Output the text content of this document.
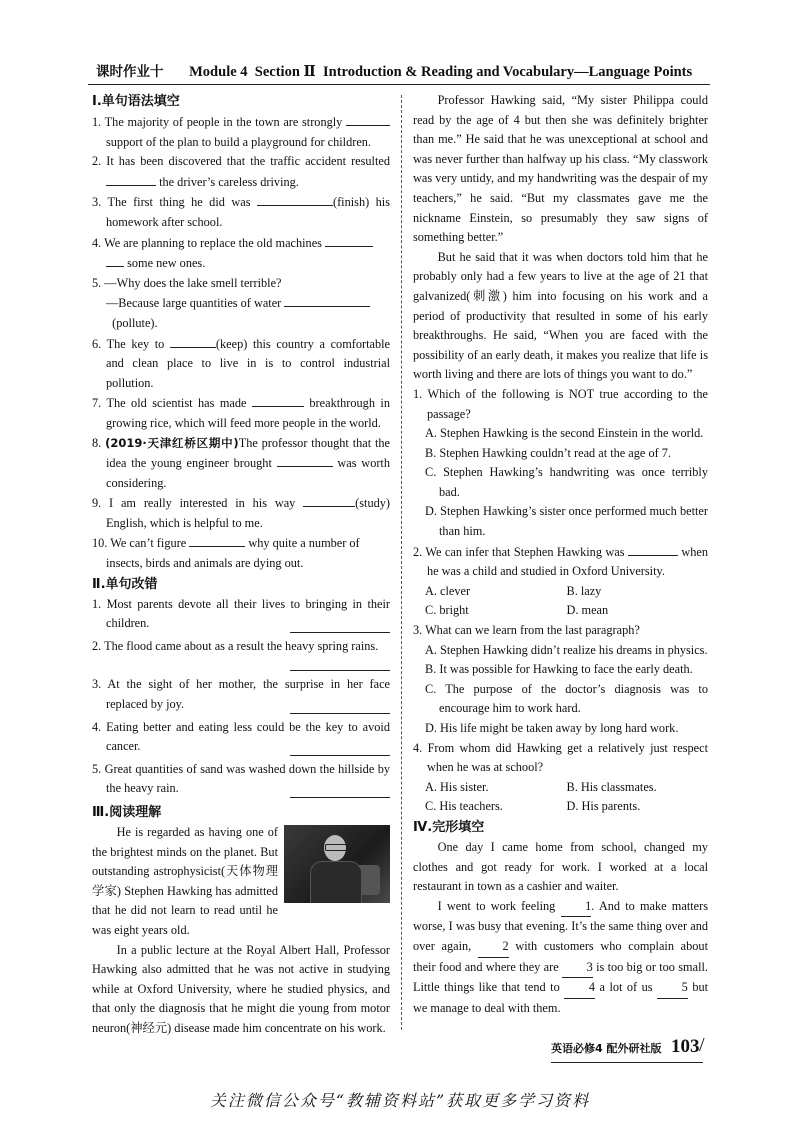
课时作业十 Module 4  Section Ⅱ  Introduction & Reading and Vocabulary—Language Points

Ⅰ.单句语法填空

1. The majority of people in the town are strongly  support of the plan to build a playground for children.

2. It has been discovered that the traffic accident resulted  the driver’s careless driving.

3. The first thing he did was	(finish) his homework after school.

4. We are planning to replace the old machines
some new ones.

5. —Why does the lake smell terrible?

—Because large quantities of water
(pollute).

6. The key to	(keep) this country a comfortable and clean place to live in is to control industrial pollution.

7. The old scientist has made	breakthrough in growing rice, which will feed more people in the world.

8. (2019·天津红桥区期中)The professor thought that the idea the young engineer brought	was worth considering.

9. I am really interested in his way	(study) English, which is helpful to me.

10. We can’t figure	why quite a number of insects, birds and animals are dying out.

Ⅱ.单句改错

1. Most parents devote all their lives to bringing in their children.

2. The flood came about as a result the heavy spring rains.

3. At the sight of her mother, the surprise in her face replaced by joy.

4. Eating better and eating less could be the key to avoid cancer.

5. Great quantities of sand was washed down the hillside by the heavy rain.

Ⅲ.阅读理解

He is regarded as having one of the brightest minds on the planet. But outstanding astrophysicist(天体物理学家) Stephen Hawking has admitted that he did not learn to read until he was eight years old.

In a public lecture at the Royal Albert Hall, Professor Hawking also admitted that he was not active in studying while at Oxford University, where he studied physics, and that only the diagnosis that he might die young from motor neuron(神经元) disease made him concentrate on his work.

Professor Hawking said, “My sister Philippa could read by the age of 4 but then she was definitely brighter than me.” He said that he was unexceptional at school and was never further than halfway up his class. “My classwork was very untidy, and my handwriting was the despair of my teachers,” he said. “But my classmates gave me the nickname Einstein, so presumably they saw signs of something better.”

But he said that it was when doctors told him that he probably only had a few years to live at the age of 21 that galvanized(刺激) him into focusing on his work and a period of productivity that resulted in some of his early breakthroughs. He said, “When you are faced with the possibility of an early death, it makes you realize that life is worth living and there are lots of things you want to do.”

1. Which of the following is NOT true according to the passage?

A. Stephen Hawking is the second Einstein in the world.

B. Stephen Hawking couldn’t read at the age of 7.

C. Stephen Hawking’s handwriting was once terribly bad.

D. Stephen Hawking’s sister once performed much better than him.

2. We can infer that Stephen Hawking was	when he was a child and studied in Oxford University.

A. clever	B. lazy
C. bright	D. mean

3. What can we learn from the last paragraph?

A. Stephen Hawking didn’t realize his dreams in physics.

B. It was possible for Hawking to face the early death.

C. The purpose of the doctor’s diagnosis was to encourage him to work hard.

D. His life might be taken away by long hard work.

4. From whom did Hawking get a relatively just respect when he was at school?

A. His sister.	B. His classmates.
C. His teachers.	D. His parents.

Ⅳ.完形填空

One day I came home from school, changed my clothes and got ready for work. I worked at a local restaurant in town as a cashier and waiter.

I went to work feeling 1. And to make matters worse, I was busy that evening. It’s the same thing over and over again,	2 with customers who complain about their food and where they are 3 is too big or too small. Little things like that tend to 4 a lot of us 5 but we manage to deal with them.

英语必修4 配外研社版 103 /
关注微信公众号“教辅资料站”获取更多学习资料
